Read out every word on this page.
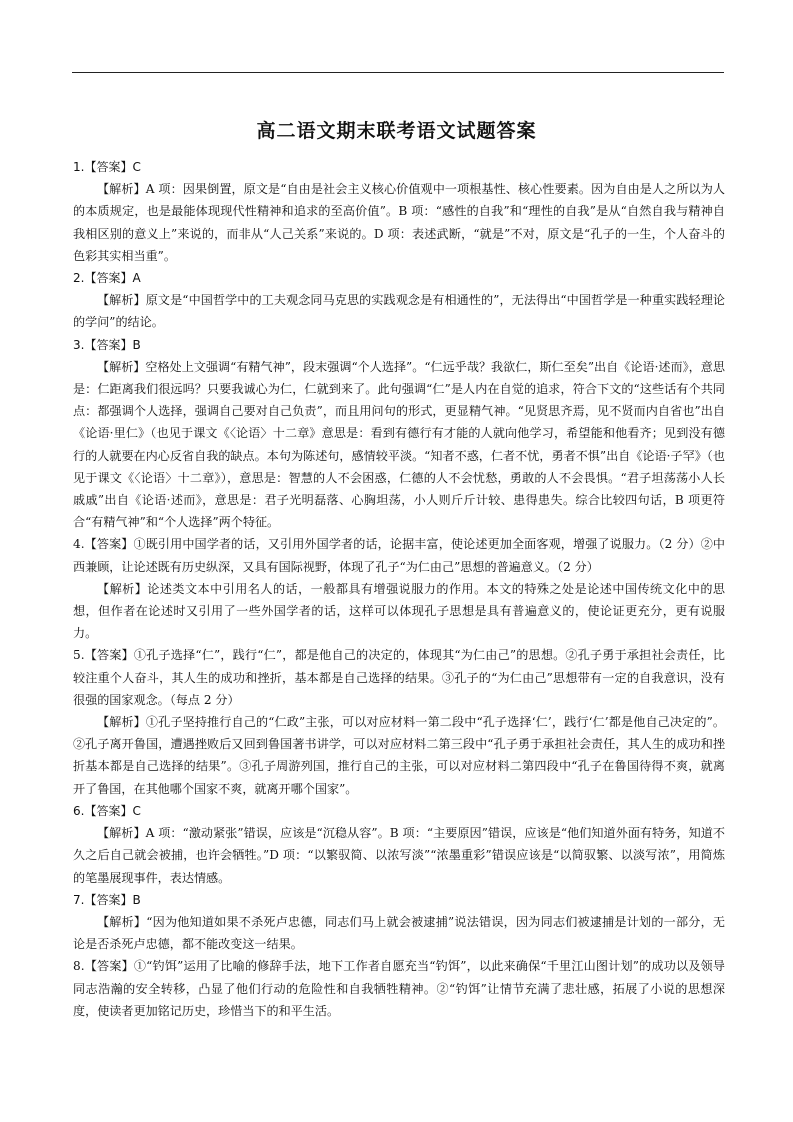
高二语文期末联考语文试题答案

1.【答案】C

【解析】A 项：因果倒置，原文是“自由是社会主义核心价值观中一项根基性、核心性要素。因为自由是人之所以为人的本质规定，也是最能体现现代性精神和追求的至高价值”。B 项：“感性的自我”和“理性的自我”是从“自然自我与精神自我相区别的意义上”来说的，而非从“人己关系”来说的。D 项：表述武断，“就是”不对，原文是“孔子的一生，个人奋斗的色彩其实相当重”。

2.【答案】A

【解析】原文是“中国哲学中的工夫观念同马克思的实践观念是有相通性的”，无法得出“中国哲学是一种重实践轻理论的学问”的结论。

3.【答案】B

【解析】空格处上文强调“有精气神”，段末强调“个人选择”。“仁远乎哉？我欲仁，斯仁至矣”出自《论语·述而》，意思是：仁距离我们很远吗？只要我诚心为仁，仁就到来了。此句强调“仁”是人内在自觉的追求，符合下文的“这些话有个共同点：都强调个人选择，强调自己要对自己负责”，而且用问句的形式，更显精气神。“见贤思齐焉，见不贤而内自省也”出自《论语·里仁》（也见于课文《〈论语〉十二章》意思是：看到有德行有才能的人就向他学习，希望能和他看齐；见到没有德行的人就要在内心反省自我的缺点。本句为陈述句，感情较平淡。“知者不惑，仁者不忧，勇者不惧”出自《论语·子罕》（也见于课文《〈论语〉十二章》），意思是：智慧的人不会困惑，仁德的人不会忧愁，勇敢的人不会畏惧。“君子坦荡荡小人长戚戚”出自《论语·述而》，意思是：君子光明磊落、心胸坦荡，小人则斤斤计较、患得患失。综合比较四句话，B 项更符合“有精气神”和“个人选择”两个特征。

4.【答案】①既引用中国学者的话，又引用外国学者的话，论据丰富，使论述更加全面客观，增强了说服力。（2 分）②中西兼顾，让论述既有历史纵深，又具有国际视野，体现了孔子“为仁由己”思想的普遍意义。（2 分）

【解析】论述类文本中引用名人的话，一般都具有增强说服力的作用。本文的特殊之处是论述中国传统文化中的思想，但作者在论述时又引用了一些外国学者的话，这样可以体现孔子思想是具有普遍意义的，使论证更充分，更有说服力。

5.【答案】①孔子选择“仁”，践行“仁”，都是他自己的决定的，体现其“为仁由己”的思想。②孔子勇于承担社会责任，比较注重个人奋斗，其人生的成功和挫折，基本都是自己选择的结果。③孔子的“为仁由己”思想带有一定的自我意识，没有很强的国家观念。（每点 2 分）

【解析】①孔子坚持推行自己的“仁政”主张，可以对应材料一第二段中“孔子选择‘仁’，践行‘仁’都是他自己决定的”。②孔子离开鲁国，遭遇挫败后又回到鲁国著书讲学，可以对应材料二第三段中“孔子勇于承担社会责任，其人生的成功和挫折基本都是自己选择的结果”。③孔子周游列国，推行自己的主张，可以对应材料二第四段中“孔子在鲁国待得不爽，就离开了鲁国，在其他哪个国家不爽，就离开哪个国家”。

6.【答案】C

【解析】A 项：“激动紧张”错误，应该是“沉稳从容”。B 项：“主要原因”错误，应该是“他们知道外面有特务，知道不久之后自己就会被捕，也许会牺牲。”D 项：“以繁驭简、以浓写淡”“浓墨重彩”错误应该是“以简驭繁、以淡写浓”，用简炼的笔墨展现事件，表达情感。

7.【答案】B

【解析】“因为他知道如果不杀死卢忠德，同志们马上就会被逮捕”说法错误，因为同志们被逮捕是计划的一部分，无论是否杀死卢忠德，都不能改变这一结果。

8.【答案】①“钓饵”运用了比喻的修辞手法，地下工作者自愿充当“钓饵”，以此来确保“千里江山图计划”的成功以及领导同志浩瀚的安全转移，凸显了他们行动的危险性和自我牺牲精神。②“钓饵”让情节充满了悲壮感，拓展了小说的思想深度，使读者更加铭记历史，珍惜当下的和平生活。
